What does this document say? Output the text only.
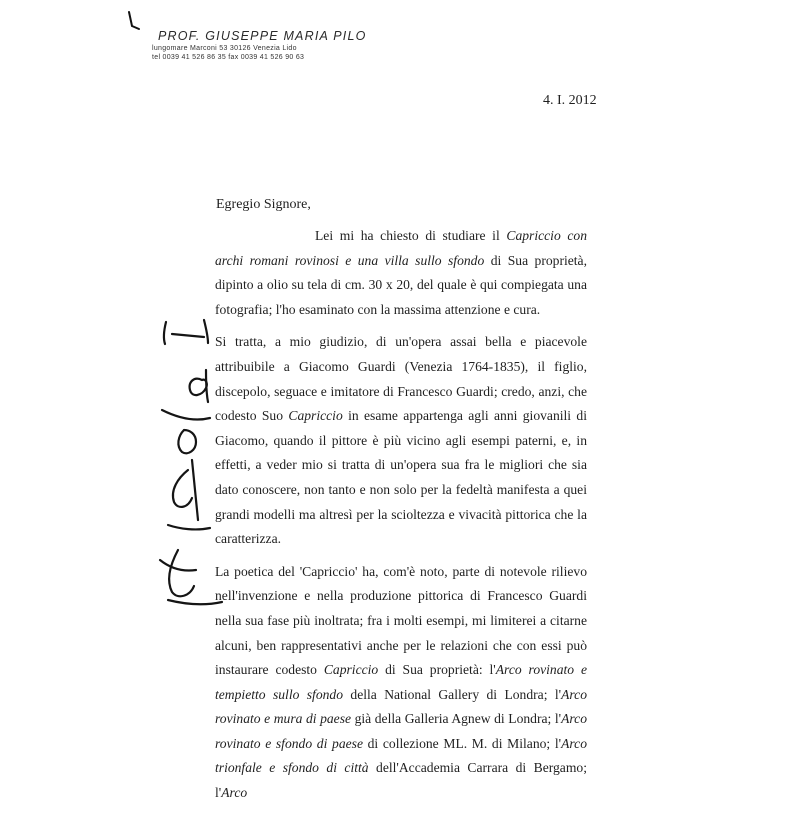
PROF. GIUSEPPE MARIA PILO
lungomare Marconi 53 30126 Venezia Lido
tel 0039 41 526 86 35 fax 0039 41 526 90 63
4. I. 2012
Egregio Signore,

Lei mi ha chiesto di studiare il Capriccio con archi romani rovinosi e una villa sullo sfondo di Sua proprietà, dipinto a olio su tela di cm. 30 x 20, del quale è qui compiegata una fotografia; l'ho esaminato con la massima attenzione e cura.

Si tratta, a mio giudizio, di un'opera assai bella e piacevole attribuibile a Giacomo Guardi (Venezia 1764-1835), il figlio, discepolo, seguace e imitatore di Francesco Guardi; credo, anzi, che codesto Suo Capriccio in esame appartenga agli anni giovanili di Giacomo, quando il pittore è più vicino agli esempi paterni, e, in effetti, a veder mio si tratta di un'opera sua fra le migliori che sia dato conoscere, non tanto e non solo per la fedeltà manifesta a quei grandi modelli ma altresì per la scioltezza e vivacità pittorica che la caratterizza.

La poetica del 'Capriccio' ha, com'è noto, parte di notevole rilievo nell'invenzione e nella produzione pittorica di Francesco Guardi nella sua fase più inoltrata; fra i molti esempi, mi limiterei a citarne alcuni, ben rappresentativi anche per le relazioni che con essi può instaurare codesto Capriccio di Sua proprietà: l'Arco rovinato e tempietto sullo sfondo della National Gallery di Londra; l'Arco rovinato e mura di paese già della Galleria Agnew di Londra; l'Arco rovinato e sfondo di paese di collezione ML. M. di Milano; l'Arco trionfale e sfondo di città dell'Accademia Carrara di Bergamo; l'Arco
